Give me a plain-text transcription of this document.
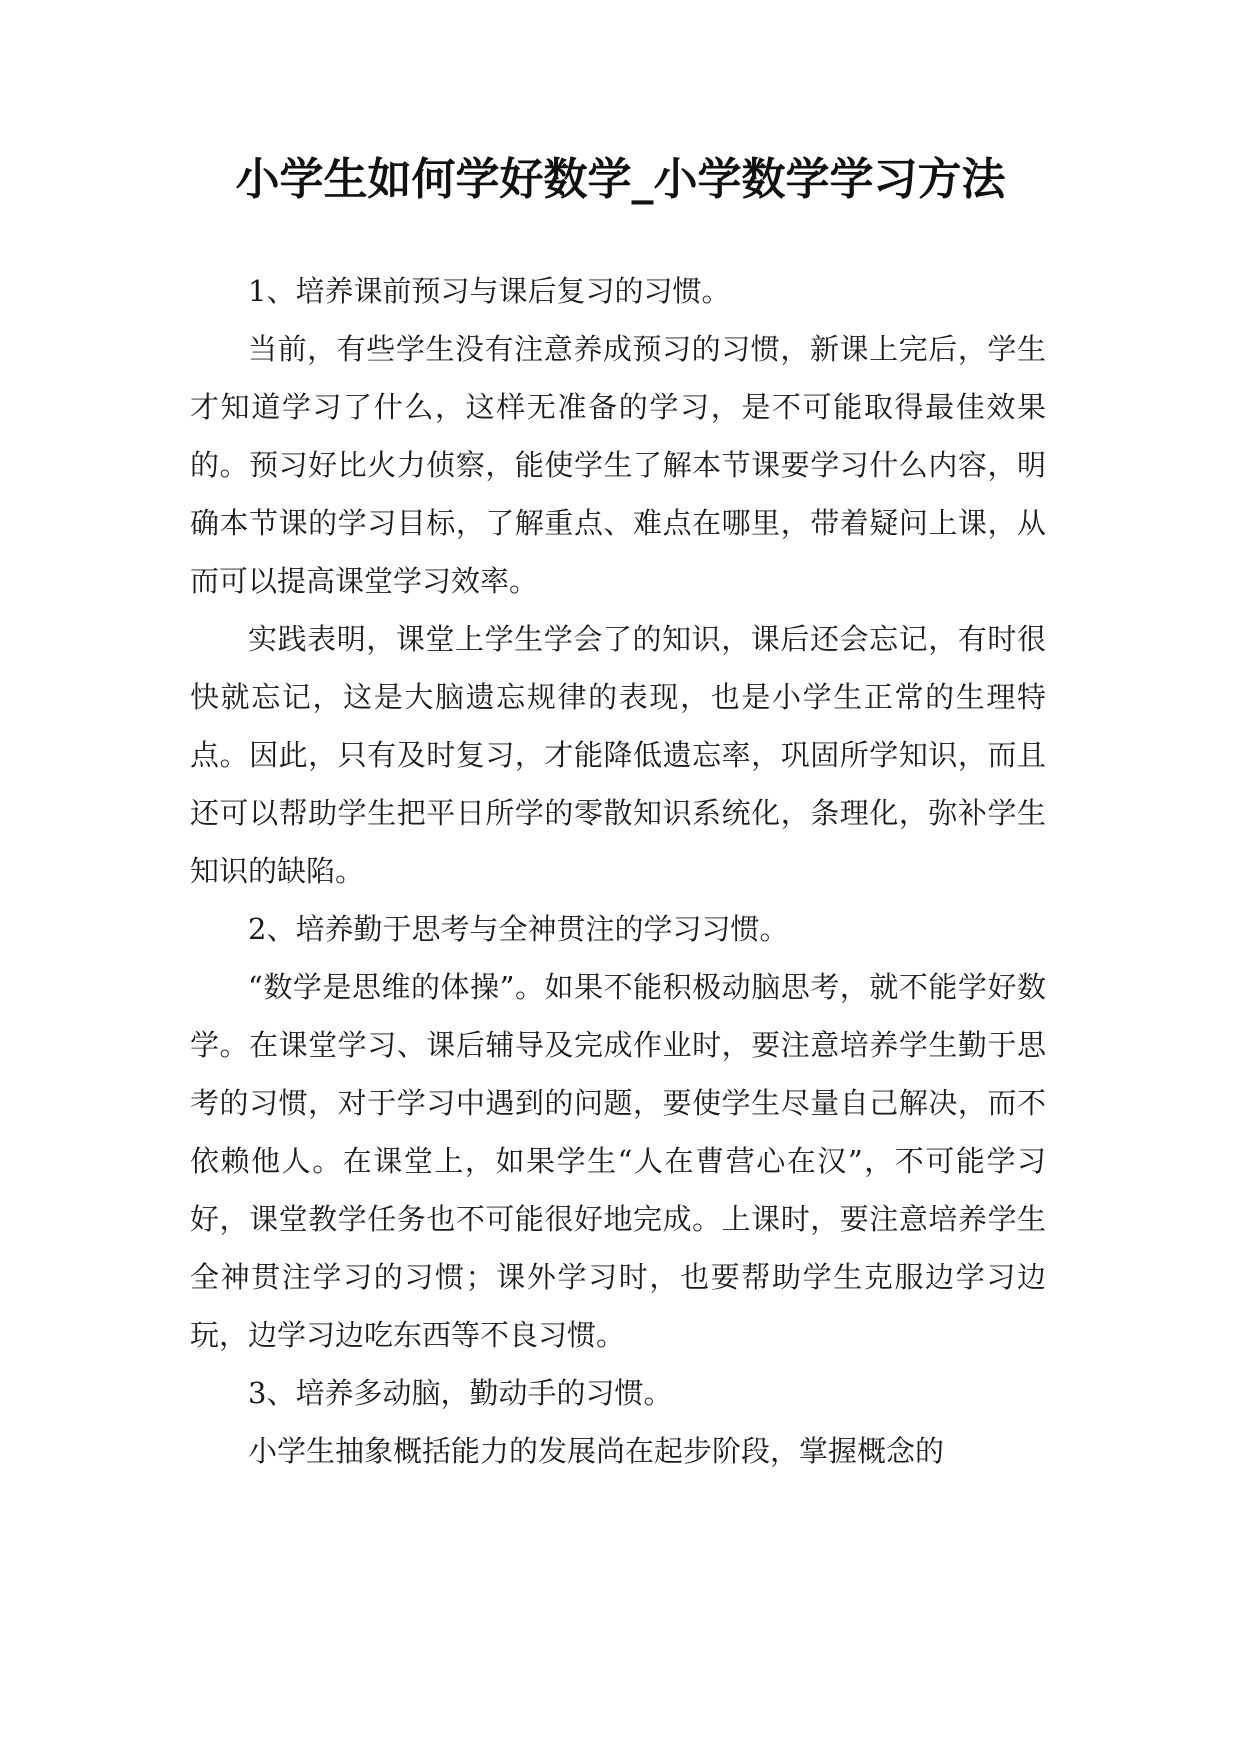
小学生如何学好数学_小学数学学习方法

1、培养课前预习与课后复习的习惯。

当前，有些学生没有注意养成预习的习惯，新课上完后，学生才知道学习了什么，这样无准备的学习，是不可能取得最佳效果的。预习好比火力侦察，能使学生了解本节课要学习什么内容，明确本节课的学习目标，了解重点、难点在哪里，带着疑问上课，从而可以提高课堂学习效率。

实践表明，课堂上学生学会了的知识，课后还会忘记，有时很快就忘记，这是大脑遗忘规律的表现，也是小学生正常的生理特点。因此，只有及时复习，才能降低遗忘率，巩固所学知识，而且还可以帮助学生把平日所学的零散知识系统化，条理化，弥补学生知识的缺陷。

2、培养勤于思考与全神贯注的学习习惯。

“数学是思维的体操”。如果不能积极动脑思考，就不能学好数学。在课堂学习、课后辅导及完成作业时，要注意培养学生勤于思考的习惯，对于学习中遇到的问题，要使学生尽量自己解决，而不依赖他人。在课堂上，如果学生“人在曹营心在汉”，不可能学习好，课堂教学任务也不可能很好地完成。上课时，要注意培养学生全神贯注学习的习惯；课外学习时，也要帮助学生克服边学习边玩，边学习边吃东西等不良习惯。

3、培养多动脑，勤动手的习惯。

小学生抽象概括能力的发展尚在起步阶段，掌握概念的
